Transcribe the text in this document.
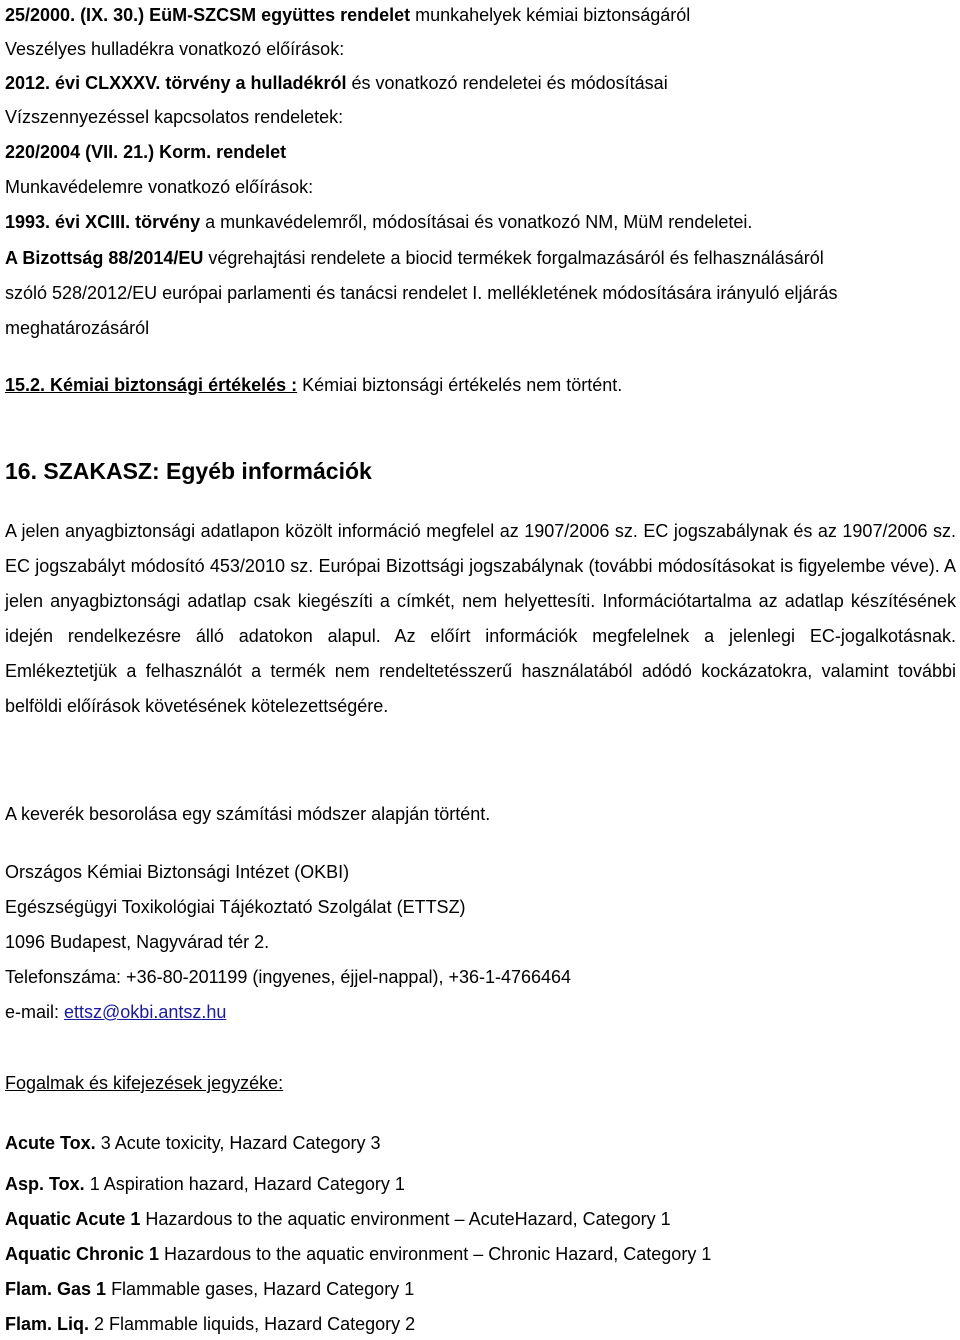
25/2000. (IX. 30.) EüM-SZCSM együttes rendelet munkahelyek kémiai biztonságáról
Veszélyes hulladékra vonatkozó előírások:
2012. évi CLXXXV. törvény a hulladékról és vonatkozó rendeletei és módosításai
Vízszennyezéssel kapcsolatos rendeletek:
220/2004 (VII. 21.) Korm. rendelet
Munkavédelemre vonatkozó előírások:
1993. évi XCIII. törvény a munkavédelemről, módosításai és vonatkozó NM, MüM rendeletei.
A Bizottság 88/2014/EU végrehajtási rendelete a biocid termékek forgalmazásáról és felhasználásáról
szóló 528/2012/EU európai parlamenti és tanácsi rendelet I. mellékletének módosítására irányuló eljárás
meghatározásáról
15.2. Kémiai biztonsági értékelés : Kémiai biztonsági értékelés nem történt.
16. SZAKASZ: Egyéb információk
A jelen anyagbiztonsági adatlapon közölt információ megfelel az 1907/2006 sz. EC jogszabálynak és az 1907/2006 sz. EC jogszabályt módosító 453/2010 sz. Európai Bizottsági jogszabálynak (további módosításokat is figyelembe véve). A jelen anyagbiztonsági adatlap csak kiegészíti a címkét, nem helyettesíti. Információtartalma az adatlap készítésének idején rendelkezésre álló adatokon alapul. Az előírt információk megfelelnek a jelenlegi EC-jogalkotásnak. Emlékeztetjük a felhasználót a termék nem rendeltetésszerű használatából adódó kockázatokra, valamint további belföldi előírások követésének kötelezettségére.
A keverék besorolása egy számítási módszer alapján történt.
Országos Kémiai Biztonsági Intézet (OKBI)
Egészségügyi Toxikológiai Tájékoztató Szolgálat (ETTSZ)
1096 Budapest, Nagyvárad tér 2.
Telefonszáma: +36-80-201199 (ingyenes, éjjel-nappal), +36-1-4766464
e-mail: ettsz@okbi.antsz.hu
Fogalmak és kifejezések jegyzéke:
Acute Tox. 3 Acute toxicity, Hazard Category 3
Asp. Tox. 1 Aspiration hazard, Hazard Category 1
Aquatic Acute 1 Hazardous to the aquatic environment – AcuteHazard, Category 1
Aquatic Chronic 1 Hazardous to the aquatic environment – Chronic Hazard, Category 1
Flam. Gas 1 Flammable gases, Hazard Category 1
Flam. Liq. 2 Flammable liquids, Hazard Category 2
